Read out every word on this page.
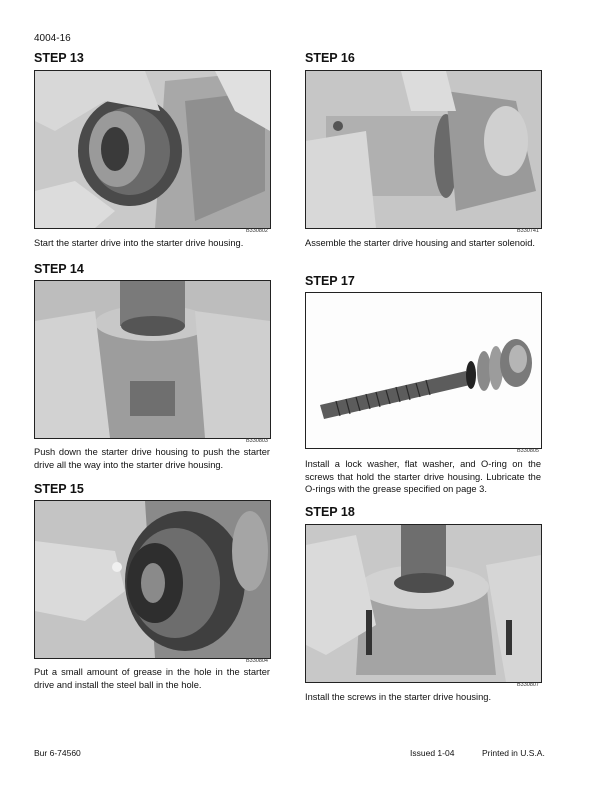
4004-16
STEP 13
B330802
Start the starter drive into the starter drive housing.
STEP 14
B330803
Push down the starter drive housing to push the starter drive all the way into the starter drive housing.
STEP 15
B330804
Put a small amount of grease in the hole in the starter drive and install the steel ball in the hole.
STEP 16
B330741
Assemble the starter drive housing and starter solenoid.
STEP 17
B330805
Install a lock washer, flat washer, and O-ring on the screws that hold the starter drive housing. Lubricate the O-rings with the grease specified on page 3.
STEP 18
B330807
Install the screws in the starter drive housing.
Bur 6-74560	Issued 1-04	Printed in U.S.A.
